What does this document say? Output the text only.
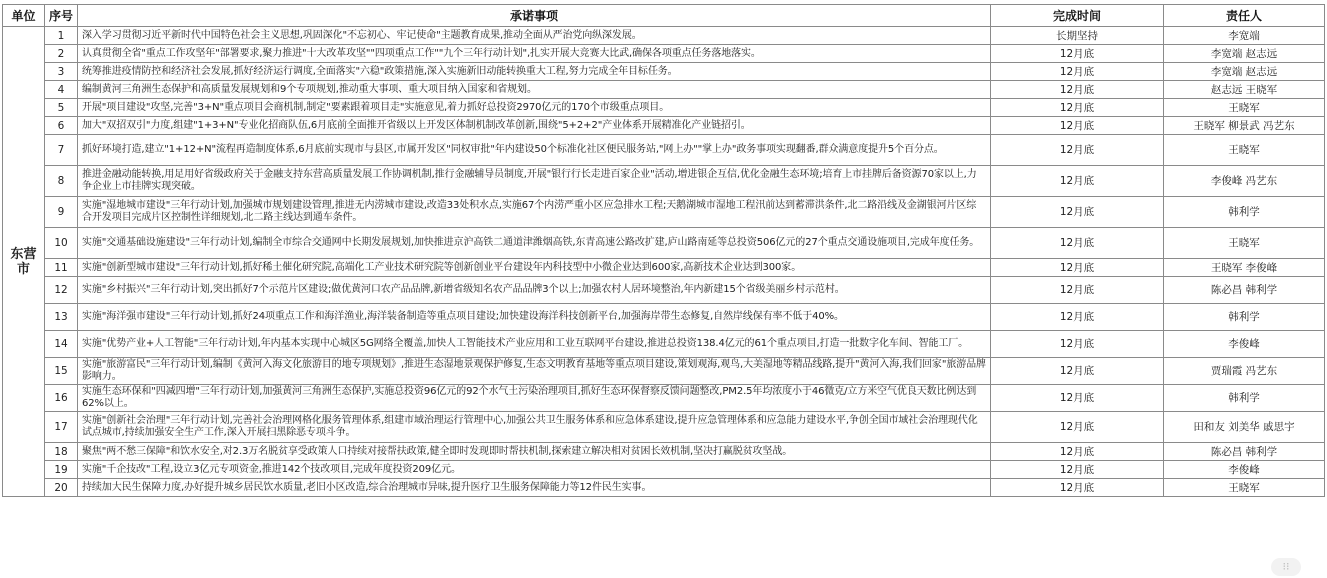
单位	序号	承诺事项	完成时间	责任人

东营市	1	深入学习贯彻习近平新时代中国特色社会主义思想,巩固深化"不忘初心、牢记使命"主题教育成果,推动全面从严治党向纵深发展。	长期坚持	李宽端
	2	认真贯彻全省"重点工作攻坚年"部署要求,聚力推进"十大改革攻坚""四项重点工作""九个三年行动计划",扎实开展大竞赛大比武,确保各项重点任务落地落实。	12月底	李宽端 赵志远
	3	统筹推进疫情防控和经济社会发展,抓好经济运行调度,全面落实"六稳"政策措施,深入实施新旧动能转换重大工程,努力完成全年目标任务。	12月底	李宽端 赵志远
	4	编制黄河三角洲生态保护和高质量发展规划和9个专项规划,推动重大事项、重大项目纳入国家和省规划。	12月底	赵志远 王晓军
	5	开展"项目建设"攻坚,完善"3+N"重点项目会商机制,制定"要素跟着项目走"实施意见,着力抓好总投资2970亿元的170个市级重点项目。	12月底	王晓军
	6	加大"双招双引"力度,组建"1+3+N"专业化招商队伍,6月底前全面推开省级以上开发区体制机制改革创新,围绕"5+2+2"产业体系开展精准化产业链招引。	12月底	王晓军 柳景武 冯艺东
	7	抓好环境打造,建立"1+12+N"流程再造制度体系,6月底前实现市与县区,市属开发区"同权审批"年内建设50个标准化社区便民服务站,"网上办""掌上办"政务事项实现翻番,群众满意度提升5个百分点。	12月底	王晓军
	8	推进金融动能转换,用足用好省级政府关于金融支持东营高质量发展工作协调机制,推行金融辅导员制度,开展"银行行长走进百家企业"活动,增进银企互信,优化金融生态环境;培育上市挂牌后备资源70家以上,力争企业上市挂牌实现突破。	12月底	李俊峰 冯艺东
	9	实施"湿地城市建设"三年行动计划,加强城市规划建设管理,推进无内涝城市建设,改造33处积水点,实施67个内涝严重小区应急排水工程;天鹅湖城市湿地工程汛前达到蓄滞洪条件,北二路沿线及金湖银河片区综合开发项目完成片区控制性详细规划,北二路主线达到通车条件。	12月底	韩利学
	10	实施"交通基础设施建设"三年行动计划,编制全市综合交通网中长期发展规划,加快推进京沪高铁二通道津潍烟高铁,东青高速公路改扩建,庐山路南延等总投资506亿元的27个重点交通设施项目,完成年度任务。	12月底	王晓军
	11	实施"创新型城市建设"三年行动计划,抓好稀土催化研究院,高端化工产业技术研究院等创新创业平台建设年内科技型中小微企业达到600家,高新技术企业达到300家。	12月底	王晓军 李俊峰
	12	实施"乡村振兴"三年行动计划,突出抓好7个示范片区建设;做优黄河口农产品品牌,新增省级知名农产品品牌3个以上;加强农村人居环境整治,年内新建15个省级美丽乡村示范村。	12月底	陈必昌 韩利学
	13	实施"海洋强市建设"三年行动计划,抓好24项重点工作和海洋渔业,海洋装备制造等重点项目建设;加快建设海洋科技创新平台,加强海岸带生态修复,自然岸线保有率不低于40%。	12月底	韩利学
	14	实施"优势产业+人工智能"三年行动计划,年内基本实现中心城区5G网络全覆盖,加快人工智能技术产业应用和工业互联网平台建设,推进总投资138.4亿元的61个重点项目,打造一批数字化车间、智能工厂。	12月底	李俊峰
	15	实施"旅游富民"三年行动计划,编制《黄河入海文化旅游目的地专项规划》,推进生态湿地景观保护修复,生态文明教育基地等重点项目建设,策划观海,观鸟,大美湿地等精品线路,提升"黄河入海,我们回家"旅游品牌影响力。	12月底	贾瑞霞 冯艺东
	16	实施生态环保和"四减四增"三年行动计划,加强黄河三角洲生态保护,实施总投资96亿元的92个水气土污染治理项目,抓好生态环保督察反馈问题整改,PM2.5年均浓度小于46微克/立方米空气优良天数比例达到62%以上。	12月底	韩利学
	17	实施"创新社会治理"三年行动计划,完善社会治理网格化服务管理体系,组建市域治理运行管理中心,加强公共卫生服务体系和应急体系建设,提升应急管理体系和应急能力建设水平,争创全国市域社会治理现代化试点城市,持续加强安全生产工作,深入开展扫黑除恶专项斗争。	12月底	田和友 刘美华 戚思宇
	18	聚焦"两不愁三保障"和饮水安全,对2.3万名脱贫享受政策人口持续对接帮扶政策,健全即时发现即时帮扶机制,探索建立解决相对贫困长效机制,坚决打赢脱贫攻坚战。	12月底	陈必昌 韩利学
	19	实施"千企技改"工程,设立3亿元专项资金,推进142个技改项目,完成年度投资209亿元。	12月底	李俊峰
	20	持续加大民生保障力度,办好提升城乡居民饮水质量,老旧小区改造,综合治理城市异味,提升医疗卫生服务保障能力等12件民生实事。	12月底	王晓军
⁝⁝
